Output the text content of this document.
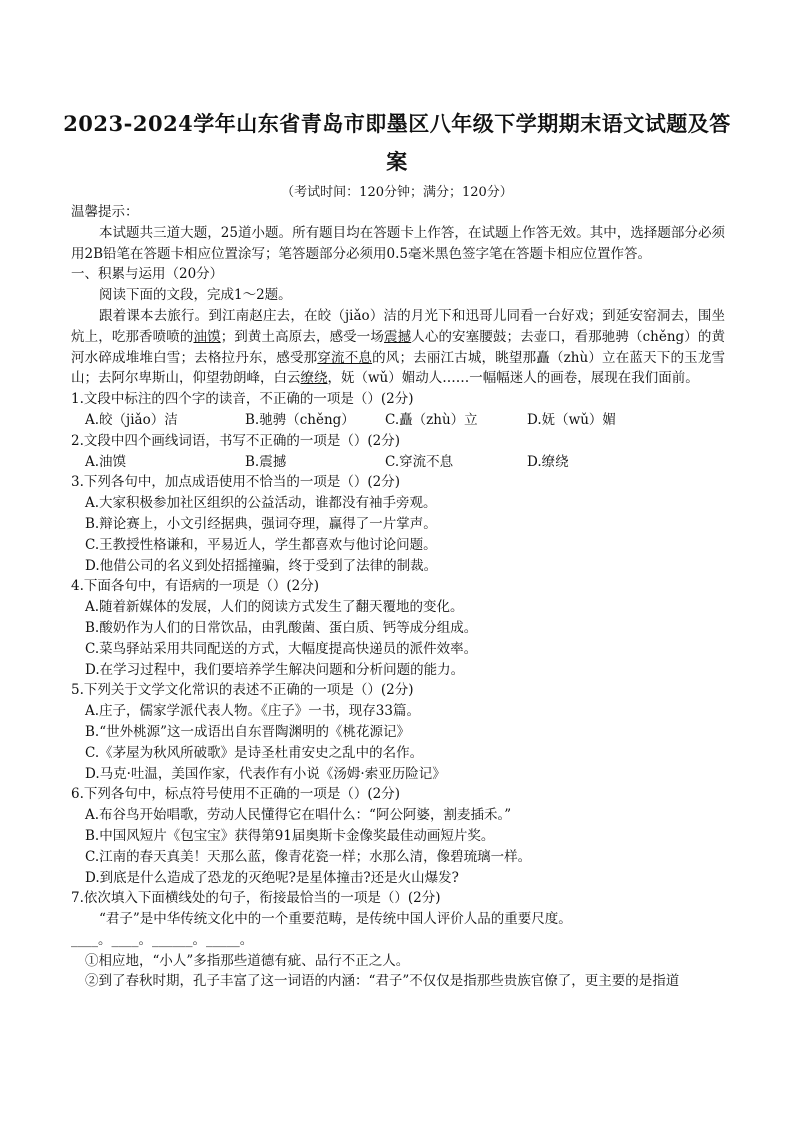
2023-2024学年山东省青岛市即墨区八年级下学期期末语文试题及答
案
（考试时间：120分钟；满分；120分）
温馨提示：
本试题共三道大题，25道小题。所有题目均在答题卡上作答，在试题上作答无效。其中，选择题部分必须用2B铅笔在答题卡相应位置涂写；笔答题部分必须用0.5毫米黑色签字笔在答题卡相应位置作答。
一、积累与运用（20分）
阅读下面的文段，完成1～2题。
跟着课本去旅行。到江南赵庄去，在皎（jiǎo）洁的月光下和迅哥儿同看一台好戏；到延安窑洞去，围坐炕上，吃那香喷喷的油馍；到黄土高原去，感受一场震撼人心的安塞腰鼓；去壶口，看那驰骋（chěng）的黄河水碎成堆堆白雪；去格拉丹东，感受那穿流不息的风；去丽江古城，眺望那矗（zhù）立在蓝天下的玉龙雪山；去阿尔卑斯山，仰望勃朗峰，白云缭绕，妩（wǔ）媚动人……一幅幅迷人的画卷，展现在我们面前。
1.文段中标注的四个字的读音，不正确的一项是（）(2分)
A.皎（jiǎo）洁	B.驰骋（chěng）	C.矗（zhù）立	D.妩（wǔ）媚
2.文段中四个画线词语，书写不正确的一项是（）(2分)
A.油馍	B.震撼	C.穿流不息	D.缭绕
3.下列各句中，加点成语使用不恰当的一项是（）(2分)
A.大家积极参加社区组织的公益活动，谁都没有袖手旁观。
B.辩论赛上，小文引经据典，强词夺理，赢得了一片掌声。
C.王教授性格谦和，平易近人，学生都喜欢与他讨论问题。
D.他借公司的名义到处招摇撞骗，终于受到了法律的制裁。
4.下面各句中，有语病的一项是（）(2分)
A.随着新媒体的发展，人们的阅读方式发生了翻天覆地的变化。
B.酸奶作为人们的日常饮品，由乳酸菌、蛋白质、钙等成分组成。
C.菜鸟驿站采用共同配送的方式，大幅度提高快递员的派件效率。
D.在学习过程中，我们要培养学生解决问题和分析问题的能力。
5.下列关于文学文化常识的表述不正确的一项是（）(2分)
A.庄子，儒家学派代表人物。《庄子》一书，现存33篇。
B.“世外桃源”这一成语出自东晋陶渊明的《桃花源记》
C.《茅屋为秋风所破歌》是诗圣杜甫安史之乱中的名作。
D.马克·吐温，美国作家，代表作有小说《汤姆·索亚历险记》
6.下列各句中，标点符号使用不正确的一项是（）(2分)
A.布谷鸟开始唱歌，劳动人民懂得它在唱什么：“阿公阿婆，割麦插禾。”
B.中国风短片《包宝宝》获得第91届奥斯卡金像奖最佳动画短片奖。
C.江南的春天真美！天那么蓝，像青花瓷一样；水那么清，像碧琉璃一样。
D.到底是什么造成了恐龙的灭绝呢?是星体撞击?还是火山爆发?
7.依次填入下面横线处的句子，衔接最恰当的一项是（）(2分)
“君子”是中华传统文化中的一个重要范畴，是传统中国人评价人品的重要尺度。
____。____。______。_____。
①相应地，“小人”多指那些道德有疵、品行不正之人。
②到了春秋时期，孔子丰富了这一词语的内涵：“君子”不仅仅是指那些贵族官僚了，更主要的是指道
